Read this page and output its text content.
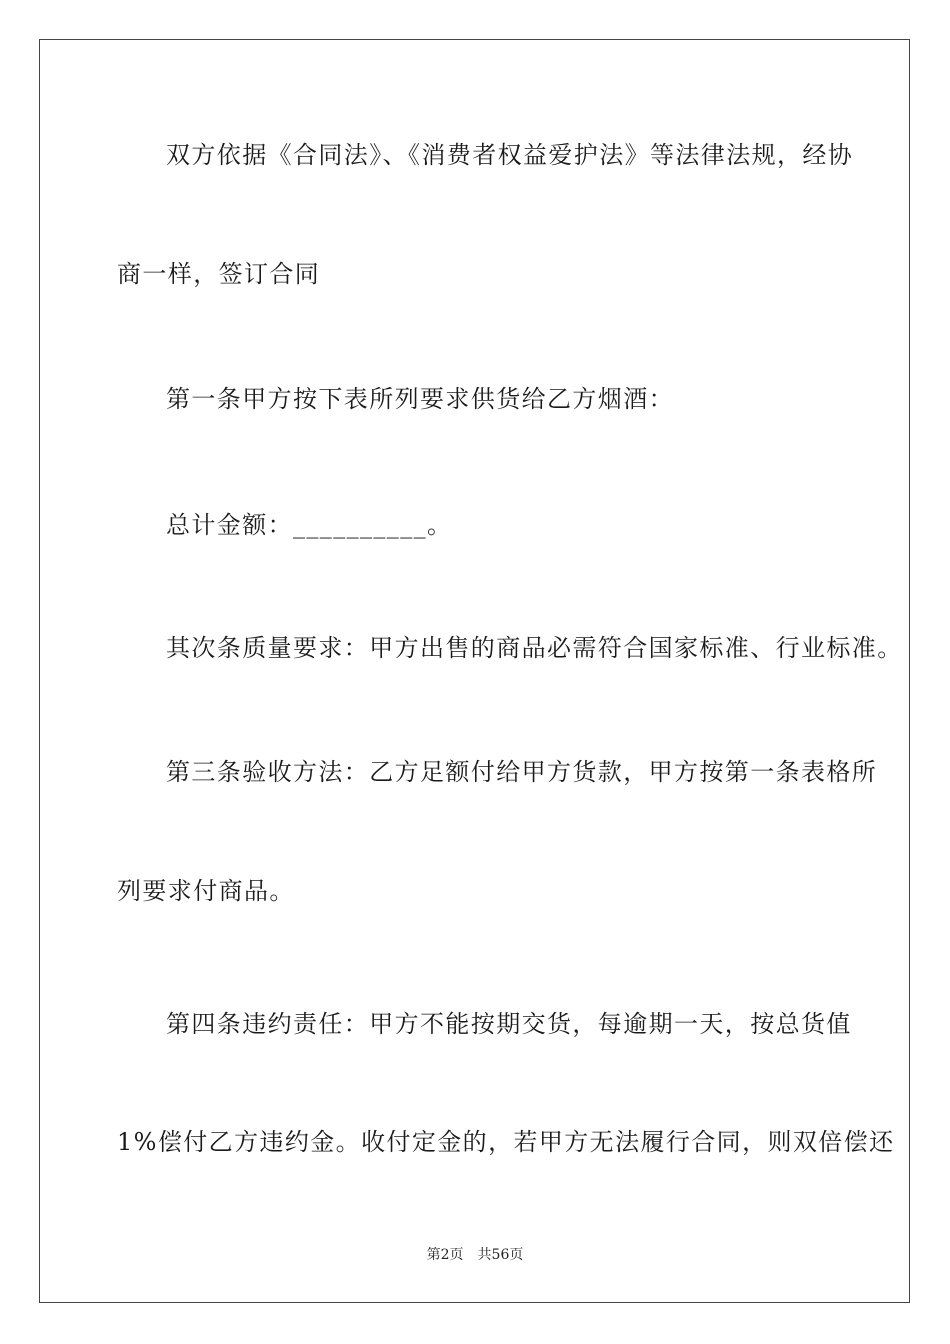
双方依据《合同法》、《消费者权益爱护法》等法律法规，经协
商一样，签订合同
第一条甲方按下表所列要求供货给乙方烟酒：
总计金额：__________。
其次条质量要求：甲方出售的商品必需符合国家标准、行业标准。
第三条验收方法：乙方足额付给甲方货款，甲方按第一条表格所
列要求付商品。
第四条违约责任：甲方不能按期交货，每逾期一天，按总货值
1%偿付乙方违约金。收付定金的，若甲方无法履行合同，则双倍偿还
第2页 共56页
